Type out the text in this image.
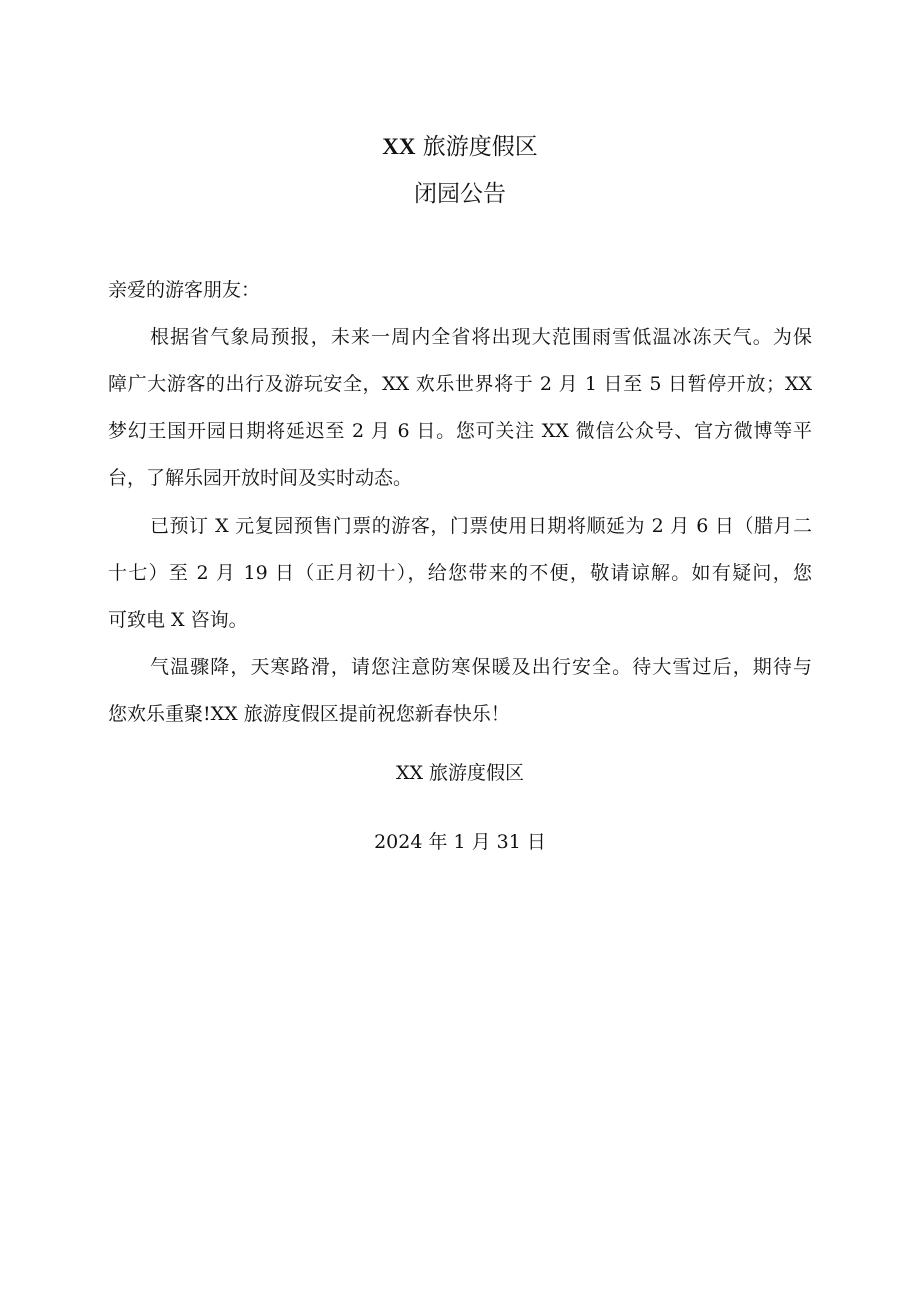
XX 旅游度假区
闭园公告
亲爱的游客朋友：
根据省气象局预报，未来一周内全省将出现大范围雨雪低温冰冻天气。为保
障广大游客的出行及游玩安全，XX 欢乐世界将于 2 月 1 日至 5 日暂停开放；XX
梦幻王国开园日期将延迟至 2 月 6 日。您可关注 XX 微信公众号、官方微博等平
台，了解乐园开放时间及实时动态。
已预订 X 元复园预售门票的游客，门票使用日期将顺延为 2 月 6 日（腊月二
十七）至 2 月 19 日（正月初十），给您带来的不便，敬请谅解。如有疑问，您
可致电 X 咨询。
气温骤降，天寒路滑，请您注意防寒保暖及出行安全。待大雪过后，期待与
您欢乐重聚!XX 旅游度假区提前祝您新春快乐！
XX 旅游度假区
2024 年 1 月 31 日
